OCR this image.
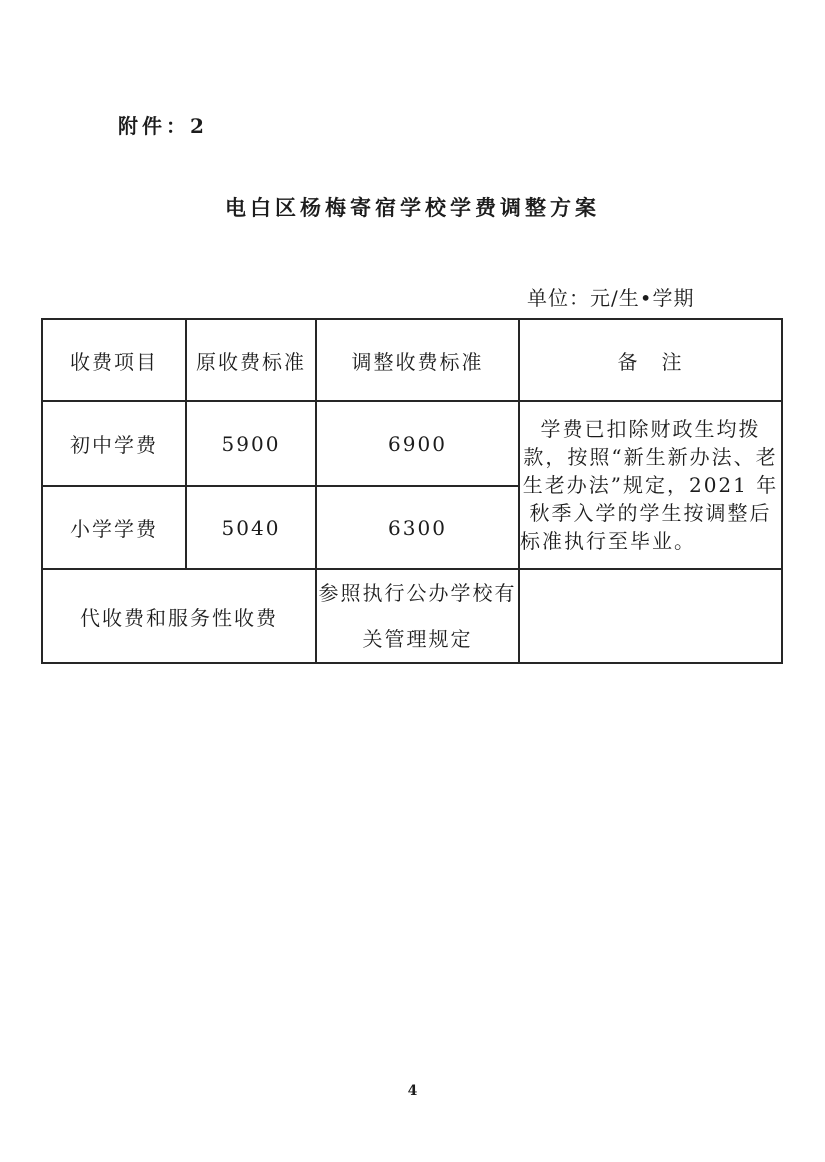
附件：2
电白区杨梅寄宿学校学费调整方案
单位：元/生•学期
收费项目	原收费标准	调整收费标准	备　注
初中学费	5900	6900	学费已扣除财政生均拨款，按照“新生新办法、老生老办法”规定，2021 年秋季入学的学生按调整后标准执行至毕业。
小学学费	5040	6300	
代收费和服务性收费		参照执行公办学校有关管理规定	
4
